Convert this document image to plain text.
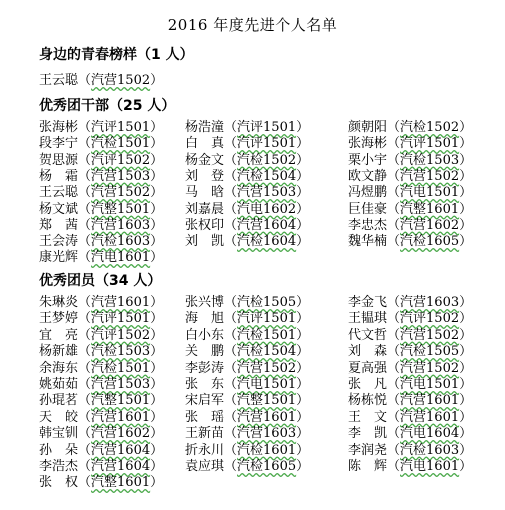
2016 年度先进个人名单
身边的青春榜样（1 人）
王云聪（汽营1502）
优秀团干部（25 人）
张海彬（汽评1501）
段李宁（汽检1501）
贺思源（汽评1502）
杨　霜（汽营1503）
王云聪（汽营1502）
杨文斌（汽整1501）
郑　茜（汽营1603）
王会涛（汽检1603）
康光辉（汽电1601）
杨浩潼（汽评1501）
白　真（汽评1501）
杨金文（汽检1502）
刘　登（汽检1504）
马　晗（汽营1503）
刘嘉晨（汽电1602）
张权印（汽营1604）
刘　凯（汽检1604）
颜朝阳（汽检1502）
张海彬（汽评1501）
栗小宇（汽检1503）
欧文静（汽营1502）
冯煜鹏（汽电1501）
巨佳豪（汽整1601）
李忠杰（汽营1602）
魏华楠（汽检1605）
优秀团员（34 人）
朱琳炎（汽营1601）
王梦婷（汽评1501）
宜　亮（汽评1502）
杨新雄（汽检1503）
余海东（汽检1501）
姚茹茹（汽营1503）
孙琨茗（汽整1501）
天　皎（汽营1601）
韩宝钏（汽营1602）
孙　朵（汽营1604）
李浩杰（汽营1604）
张　权（汽整1601）
张兴博（汽检1505）
海　旭（汽评1501）
白小东（汽检1501）
关　鹏（汽检1504）
李彭涛（汽营1502）
张　东（汽电1501）
宋启军（汽整1501）
张　瑶（汽营1601）
王新苗（汽营1603）
折永川（汽检1601）
袁应琪（汽检1605）
李金飞（汽营1603）
王韫琪（汽评1502）
代文哲（汽营1502）
刘　森（汽检1505）
夏高强（汽营1502）
张　凡（汽电1501）
杨栋悦（汽营1601）
王　文（汽营1601）
李　凯（汽电1604）
李润尧（汽检1603）
陈　辉（汽电1601）
